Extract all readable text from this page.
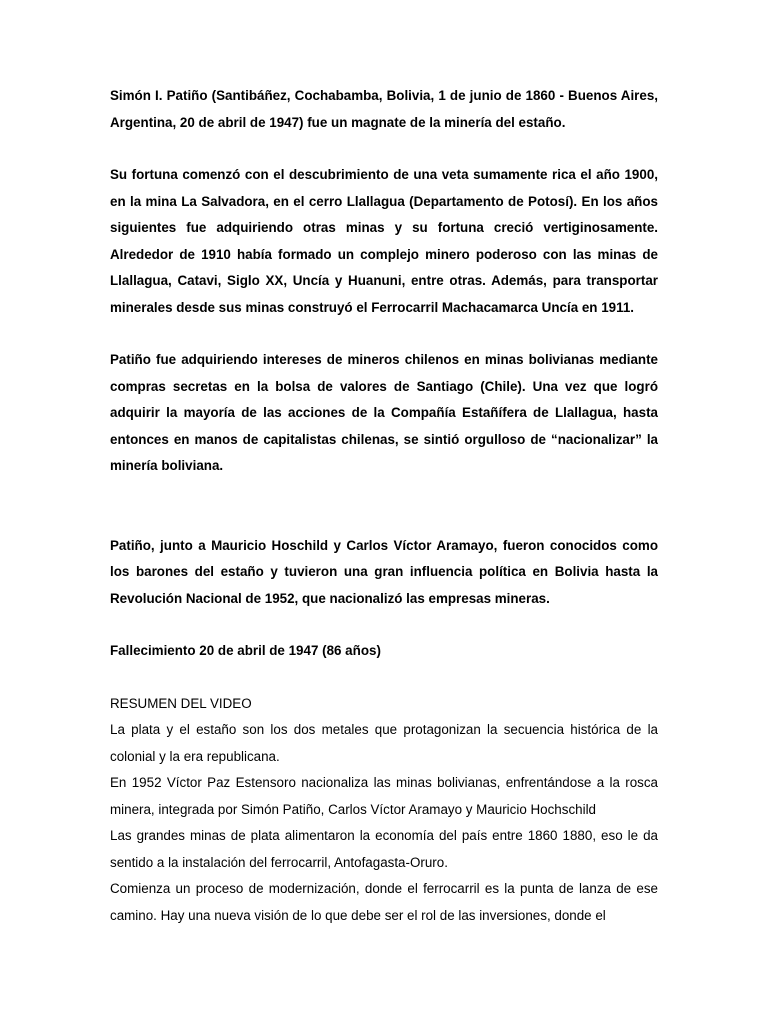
Simón I. Patiño (Santibáñez, Cochabamba, Bolivia, 1 de junio de 1860 - Buenos Aires, Argentina, 20 de abril de 1947) fue un magnate de la minería del estaño.

Su fortuna comenzó con el descubrimiento de una veta sumamente rica el año 1900, en la mina La Salvadora, en el cerro Llallagua (Departamento de Potosí). En los años siguientes fue adquiriendo otras minas y su fortuna creció vertiginosamente. Alrededor de 1910 había formado un complejo minero poderoso con las minas de Llallagua, Catavi, Siglo XX, Uncía y Huanuni, entre otras. Además, para transportar minerales desde sus minas construyó el Ferrocarril Machacamarca Uncía en 1911.

Patiño fue adquiriendo intereses de mineros chilenos en minas bolivianas mediante compras secretas en la bolsa de valores de Santiago (Chile). Una vez que logró adquirir la mayoría de las acciones de la Compañía Estañífera de Llallagua, hasta entonces en manos de capitalistas chilenas, se sintió orgulloso de “nacionalizar” la minería boliviana.

Patiño, junto a Mauricio Hoschild y Carlos Víctor Aramayo, fueron conocidos como los barones del estaño y tuvieron una gran influencia política en Bolivia hasta la Revolución Nacional de 1952, que nacionalizó las empresas mineras.

Fallecimiento 20 de abril de 1947 (86 años)

RESUMEN DEL VIDEO

La plata y el estaño son los dos metales que protagonizan la secuencia histórica de la colonial y la era republicana.

En 1952 Víctor Paz Estensoro nacionaliza las minas bolivianas, enfrentándose a la rosca minera, integrada por Simón Patiño, Carlos Víctor Aramayo y Mauricio Hochschild

Las grandes minas de plata alimentaron la economía del país entre 1860 1880, eso le da sentido a la instalación del ferrocarril, Antofagasta-Oruro.

Comienza un proceso de modernización, donde el ferrocarril es la punta de lanza de ese camino. Hay una nueva visión de lo que debe ser el rol de las inversiones, donde el
